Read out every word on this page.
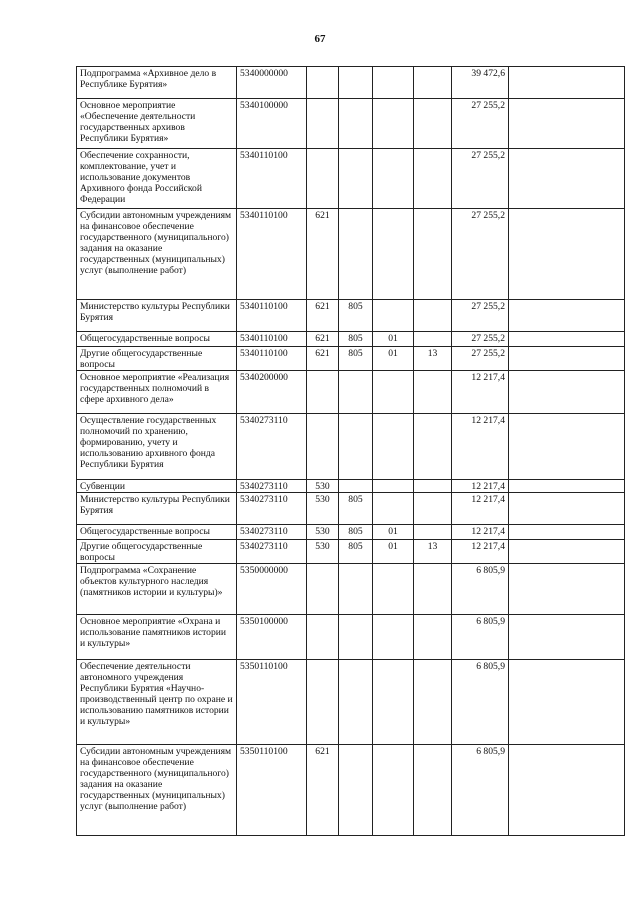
67
Подпрограмма «Архивное дело в Республике Бурятия»	5340000000					39 472,6	
Основное мероприятие «Обеспечение деятельности государственных архивов Республики Бурятия»	5340100000					27 255,2	
Обеспечение сохранности, комплектование, учет и использование документов Архивного фонда Российской Федерации	5340110100					27 255,2	
Субсидии автономным учреждениям на финансовое обеспечение государственного (муниципального) задания на оказание государственных (муниципальных) услуг (выполнение работ)	5340110100	621				27 255,2	
Министерство культуры Республики Бурятия	5340110100	621	805			27 255,2	
Общегосударственные вопросы	5340110100	621	805	01		27 255,2	
Другие общегосударственные вопросы	5340110100	621	805	01	13	27 255,2	
Основное мероприятие «Реализация государственных полномочий в сфере архивного дела»	5340200000					12 217,4	
Осуществление государственных полномочий по хранению, формированию, учету и использованию архивного фонда Республики Бурятия	5340273110					12 217,4	
Субвенции	5340273110	530				12 217,4	
Министерство культуры Республики Бурятия	5340273110	530	805			12 217,4	
Общегосударственные вопросы	5340273110	530	805	01		12 217,4	
Другие общегосударственные вопросы	5340273110	530	805	01	13	12 217,4	
Подпрограмма «Сохранение объектов культурного наследия (памятников истории и культуры)»	5350000000					6 805,9	
Основное мероприятие «Охрана и использование памятников истории и культуры»	5350100000					6 805,9	
Обеспечение деятельности автономного учреждения Республики Бурятия «Научно-производственный центр по охране и использованию памятников истории и культуры»	5350110100					6 805,9	
Субсидии автономным учреждениям на финансовое обеспечение государственного (муниципального) задания на оказание государственных (муниципальных) услуг (выполнение работ)	5350110100	621				6 805,9	
